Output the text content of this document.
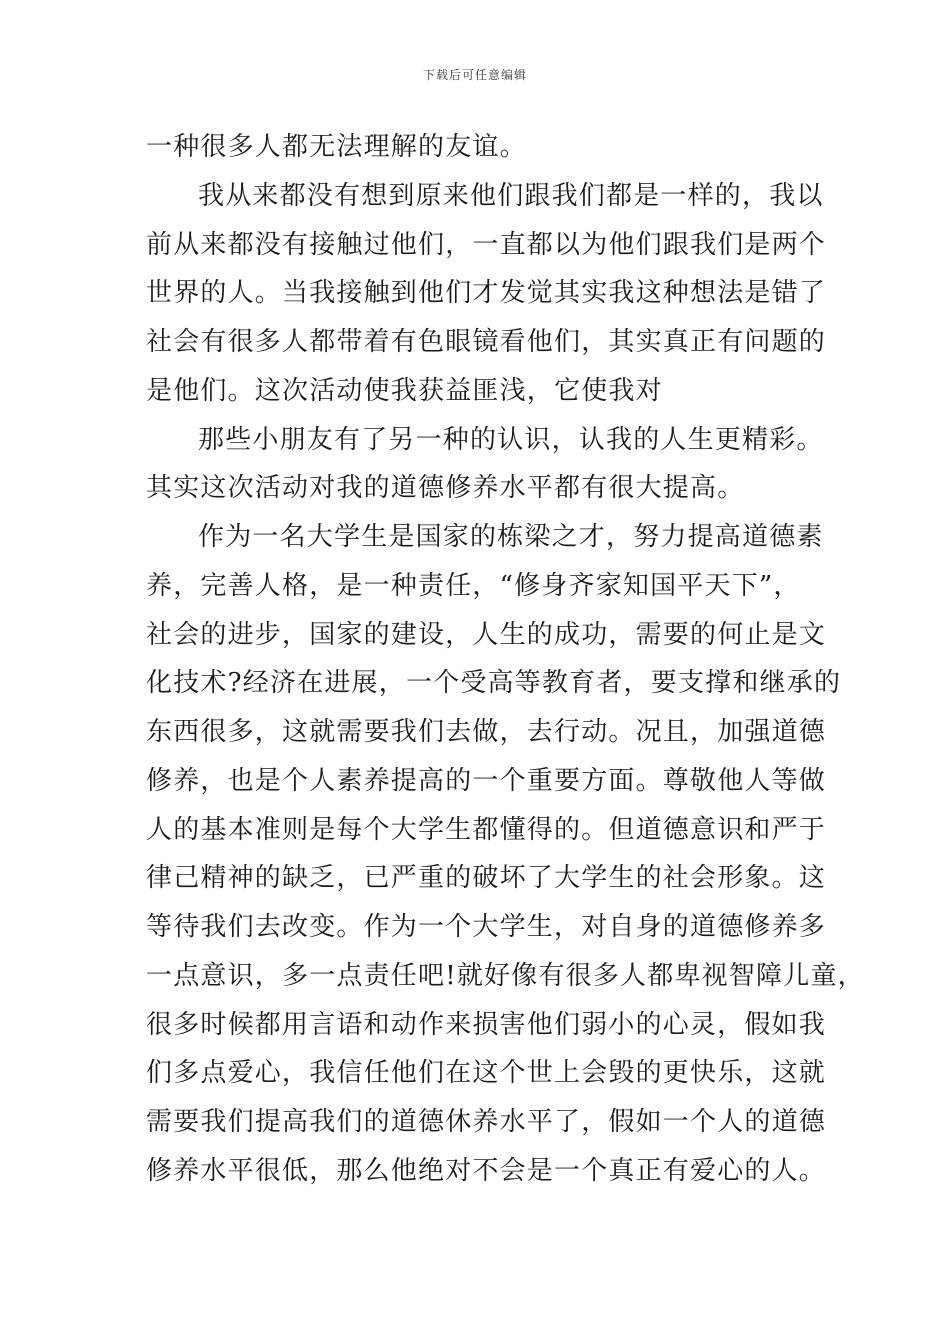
下载后可任意编辑
一种很多人都无法理解的友谊。
我从来都没有想到原来他们跟我们都是一样的，我以
前从来都没有接触过他们，一直都以为他们跟我们是两个
世界的人。当我接触到他们才发觉其实我这种想法是错了
社会有很多人都带着有色眼镜看他们，其实真正有问题的
是他们。这次活动使我获益匪浅，它使我对
那些小朋友有了另一种的认识，认我的人生更精彩。
其实这次活动对我的道德修养水平都有很大提高。
作为一名大学生是国家的栋梁之才，努力提高道德素
养，完善人格，是一种责任，“修身齐家知国平天下”，
社会的进步，国家的建设，人生的成功，需要的何止是文
化技术?经济在进展，一个受高等教育者，要支撑和继承的
东西很多，这就需要我们去做，去行动。况且，加强道德
修养，也是个人素养提高的一个重要方面。尊敬他人等做
人的基本准则是每个大学生都懂得的。但道德意识和严于
律己精神的缺乏，已严重的破坏了大学生的社会形象。这
等待我们去改变。作为一个大学生，对自身的道德修养多
一点意识，多一点责任吧!就好像有很多人都卑视智障儿童，
很多时候都用言语和动作来损害他们弱小的心灵，假如我
们多点爱心，我信任他们在这个世上会毁的更快乐，这就
需要我们提高我们的道德休养水平了，假如一个人的道德
修养水平很低，那么他绝对不会是一个真正有爱心的人。
